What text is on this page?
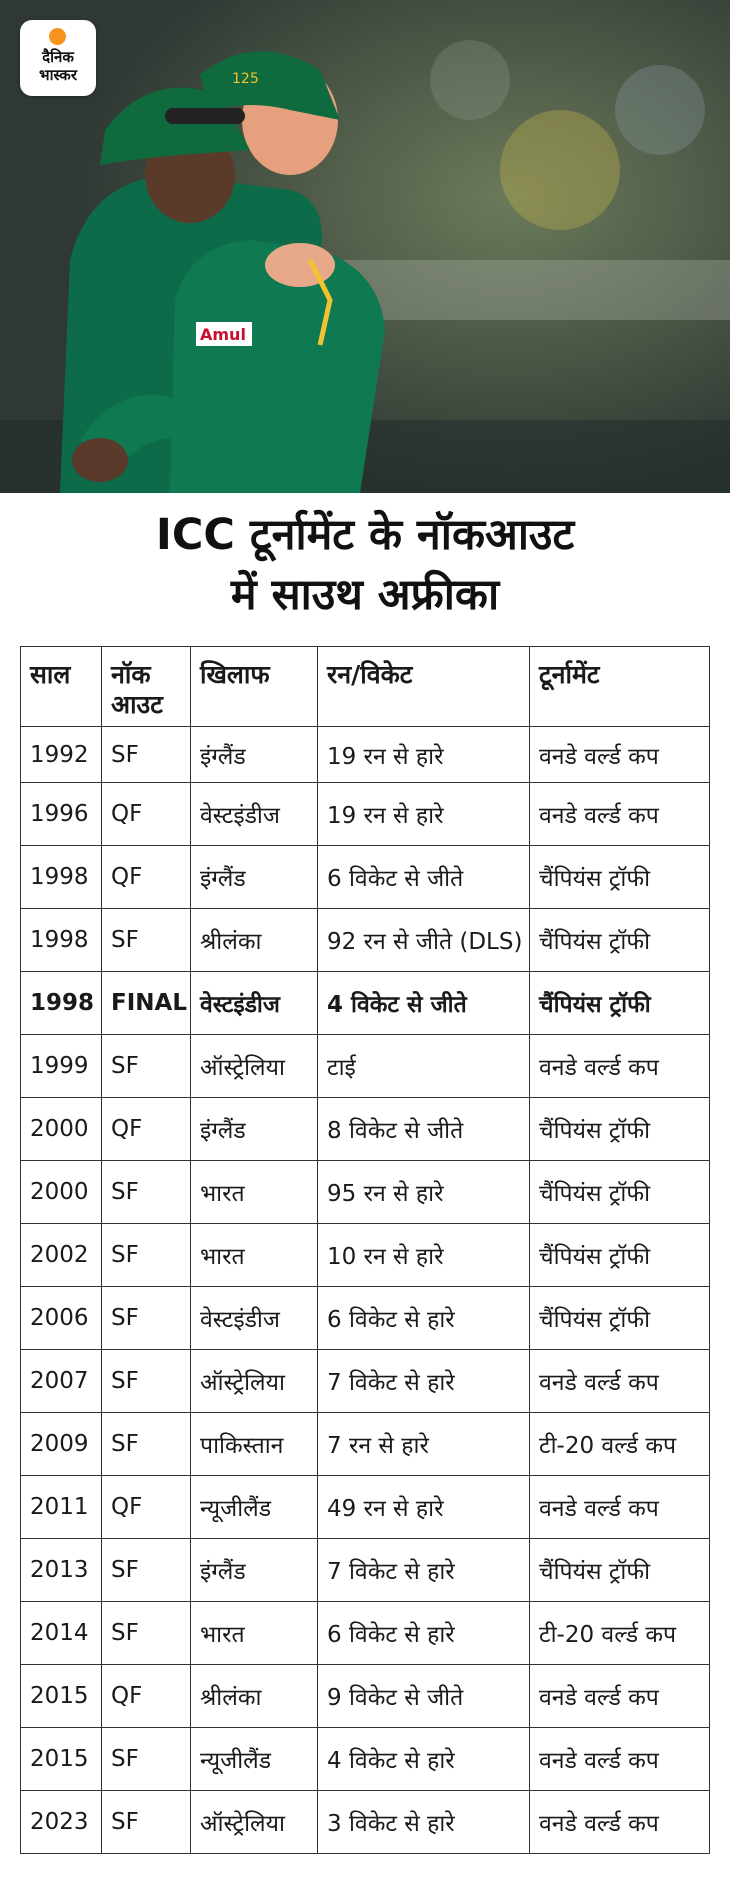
125
Amul
दैनिक
भास्कर
ICC टूर्नामेंट के नॉकआउट
में साउथ अफ्रीका
साल	नॉक आउट	खिलाफ	रन/विकेट	टूर्नामेंट
1992	SF	इंग्लैंड	19 रन से हारे	वनडे वर्ल्ड कप
1996	QF	वेस्टइंडीज	19 रन से हारे	वनडे वर्ल्ड कप
1998	QF	इंग्लैंड	6 विकेट से जीते	चैंपियंस ट्रॉफी
1998	SF	श्रीलंका	92 रन से जीते (DLS)	चैंपियंस ट्रॉफी
1998	FINAL	वेस्टइंडीज	4 विकेट से जीते	चैंपियंस ट्रॉफी
1999	SF	ऑस्ट्रेलिया	टाई	वनडे वर्ल्ड कप
2000	QF	इंग्लैंड	8 विकेट से जीते	चैंपियंस ट्रॉफी
2000	SF	भारत	95 रन से हारे	चैंपियंस ट्रॉफी
2002	SF	भारत	10 रन से हारे	चैंपियंस ट्रॉफी
2006	SF	वेस्टइंडीज	6 विकेट से हारे	चैंपियंस ट्रॉफी
2007	SF	ऑस्ट्रेलिया	7 विकेट से हारे	वनडे वर्ल्ड कप
2009	SF	पाकिस्तान	7 रन से हारे	टी-20 वर्ल्ड कप
2011	QF	न्यूजीलैंड	49 रन से हारे	वनडे वर्ल्ड कप
2013	SF	इंग्लैंड	7 विकेट से हारे	चैंपियंस ट्रॉफी
2014	SF	भारत	6 विकेट से हारे	टी-20 वर्ल्ड कप
2015	QF	श्रीलंका	9 विकेट से जीते	वनडे वर्ल्ड कप
2015	SF	न्यूजीलैंड	4 विकेट से हारे	वनडे वर्ल्ड कप
2023	SF	ऑस्ट्रेलिया	3 विकेट से हारे	वनडे वर्ल्ड कप
